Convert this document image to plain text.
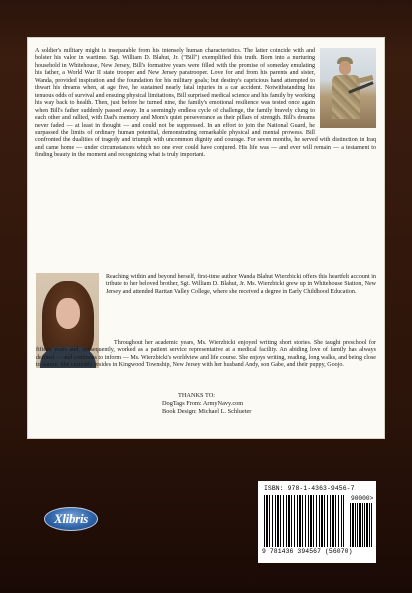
A soldier's military might is inseparable from his intensely human characteristics. The latter coincide with and bolster his valor in wartime. Sgt. William D. Blahut, Jr. ("Bill") exemplified this truth. Born into a nurturing household in Whitehouse, New Jersey, Bill's formative years were filled with the promise of someday emulating his father, a World War II state trooper and New Jersey paratrooper. Love for and from his parents and sister, Wanda, provided inspiration and the foundation for his military goals; but destiny's capricious hand attempted to thwart his dreams when, at age five, he sustained nearly fatal injuries in a car accident. Notwithstanding his tenuous odds of survival and ensuing physical limitations, Bill surprised medical science and his family by working his way back to health. Then, just before he turned nine, the family's emotional resilience was tested once again when Bill's father suddenly passed away. In a seemingly endless cycle of challenge, the family bravely clung to each other and rallied, with Dad's memory and Mom's quiet perseverance as their pillars of strength. Bill's dreams never faded — at least in thought — and could not be suppressed. In an effort to join the National Guard, he surpassed the limits of ordinary human potential, demonstrating remarkable physical and mental prowess. Bill confronted the dualities of tragedy and triumph with uncommon dignity and courage. For seven months, he served with distinction in Iraq and came home — under circumstances which no one ever could have conjured. His life was — and ever will remain — a testament to finding beauty in the moment and recognizing what is truly important.

Reaching within and beyond herself, first-time author Wanda Blahut Wierzbicki offers this heartfelt account in tribute to her beloved brother, Sgt. William D. Blahut, Jr. Ms. Wierzbicki grew up in Whitehouse Station, New Jersey and attended Raritan Valley College, where she received a degree in Early Childhood Education.

Throughout her academic years, Ms. Wierzbicki enjoyed writing short stories. She taught preschool for fifteen years and, subsequently, worked as a patient service representative at a medical facility. An abiding love of family has always defined — and continues to inform — Ms. Wierzbicki's worldview and life course. She enjoys writing, reading, long walks, and being close to nature. She currently resides in Kingwood Township, New Jersey with her husband Andy, son Gabe, and their puppy, Goojo.

THANKS TO:
DogTags From: ArmyNavy.com
Book Design: Michael L. Schlueter
Xlibris
ISBN: 978-1-4363-9456-7
90000>
9 781436 394567 (56070)
